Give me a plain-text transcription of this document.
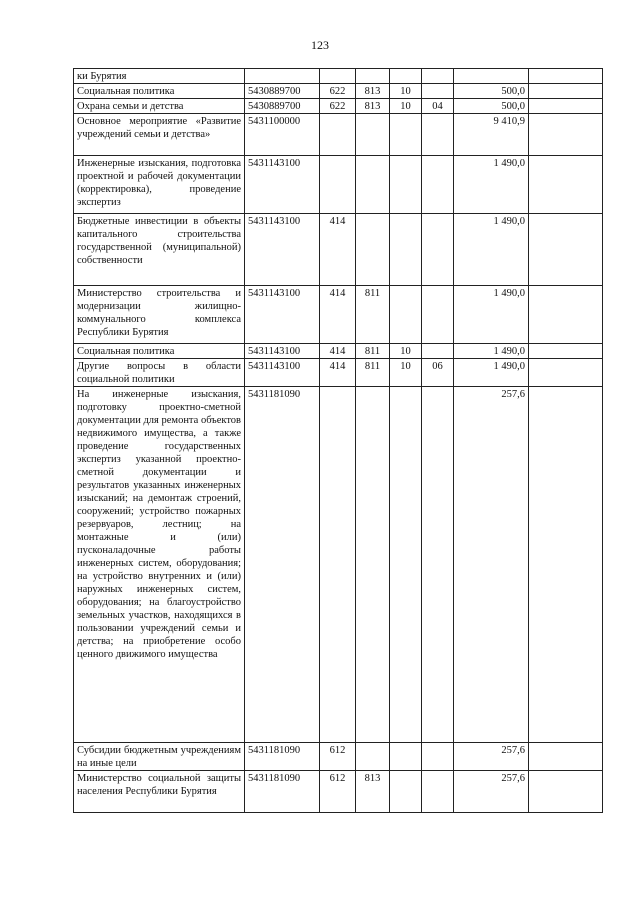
123
ки Бурятия							
Социальная политика	5430889700	622	813	10		500,0	
Охрана семьи и детства	5430889700	622	813	10	04	500,0	
Основное мероприятие «Развитие учреждений семьи и детства»	5431100000					9 410,9	
Инженерные изыскания, подготовка проектной и рабочей документации (корректировка), проведение экспертиз	5431143100					1 490,0	
Бюджетные инвестиции в объекты капитального строительства государственной (муниципальной) собственности	5431143100	414				1 490,0	
Министерство строительства и модернизации жилищно-коммунального комплекса Республики Бурятия	5431143100	414	811			1 490,0	
Социальная политика	5431143100	414	811	10		1 490,0	
Другие вопросы в области социальной политики	5431143100	414	811	10	06	1 490,0	
На инженерные изыскания, подготовку проектно-сметной документации для ремонта объектов недвижимого имущества, а также проведение государственных экспертиз указанной проектно-сметной документации и результатов указанных инженерных изысканий; на демонтаж строений, сооружений; устройство пожарных резервуаров, лестниц; на монтажные и (или) пусконаладочные работы инженерных систем, оборудования; на устройство внутренних и (или) наружных инженерных систем, оборудования; на благоустройство земельных участков, находящихся в пользовании учреждений семьи и детства; на приобретение особо ценного движимого имущества	5431181090					257,6	
Субсидии бюджетным учреждениям на иные цели	5431181090	612				257,6	
Министерство социальной защиты населения Республики Бурятия	5431181090	612	813			257,6	
